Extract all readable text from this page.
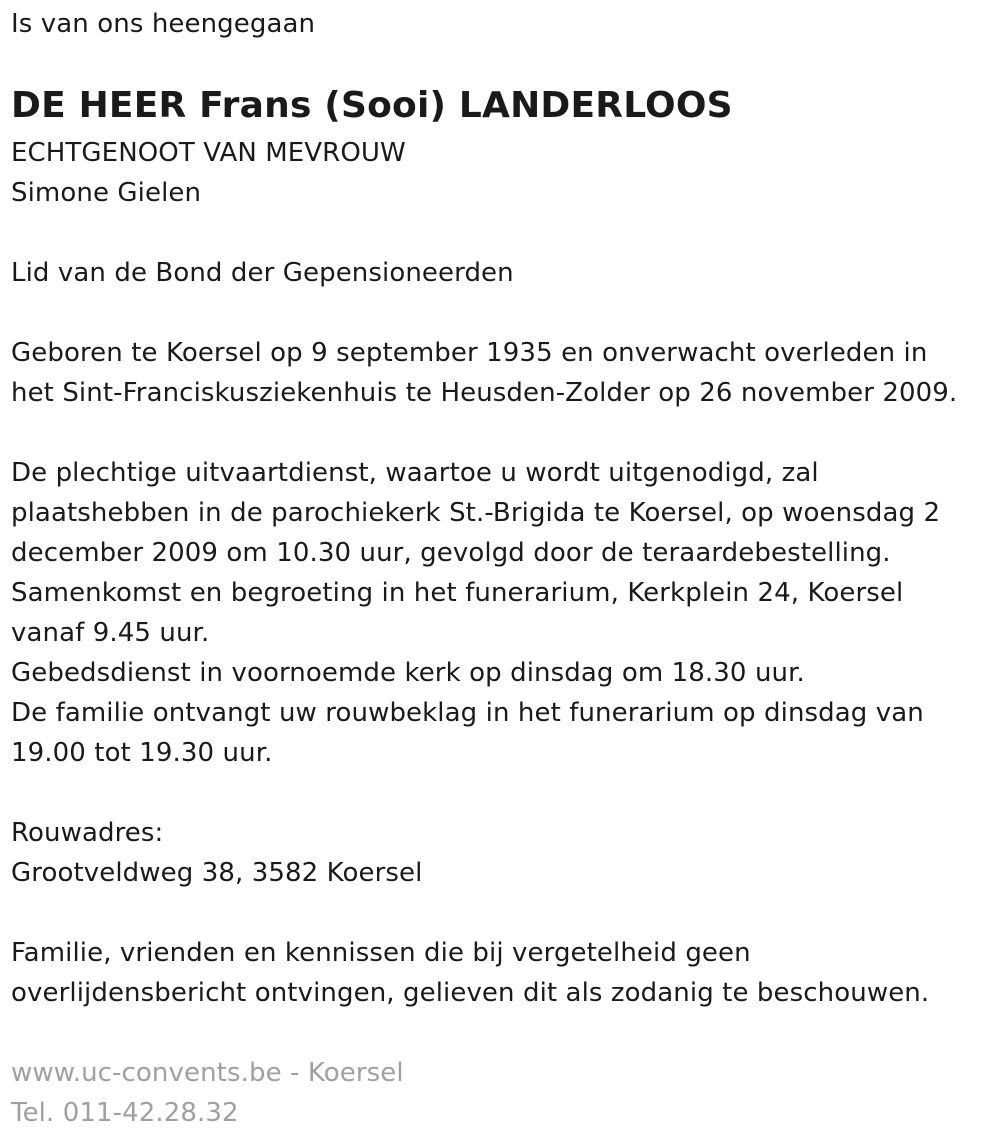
Is van ons heengegaan

DE HEER Frans (Sooi) LANDERLOOS

ECHTGENOOT VAN MEVROUW

Simone Gielen

Lid van de Bond der Gepensioneerden

Geboren te Koersel op 9 september 1935 en onverwacht overleden in

het Sint-Franciskusziekenhuis te Heusden-Zolder op 26 november 2009.

De plechtige uitvaartdienst, waartoe u wordt uitgenodigd, zal

plaatshebben in de parochiekerk St.-Brigida te Koersel, op woensdag 2

december 2009 om 10.30 uur, gevolgd door de teraardebestelling.

Samenkomst en begroeting in het funerarium, Kerkplein 24, Koersel

vanaf 9.45 uur.

Gebedsdienst in voornoemde kerk op dinsdag om 18.30 uur.

De familie ontvangt uw rouwbeklag in het funerarium op dinsdag van

19.00 tot 19.30 uur.

Rouwadres:

Grootveldweg 38, 3582 Koersel

Familie, vrienden en kennissen die bij vergetelheid geen

overlijdensbericht ontvingen, gelieven dit als zodanig te beschouwen.

www.uc-convents.be - Koersel

Tel. 011-42.28.32
